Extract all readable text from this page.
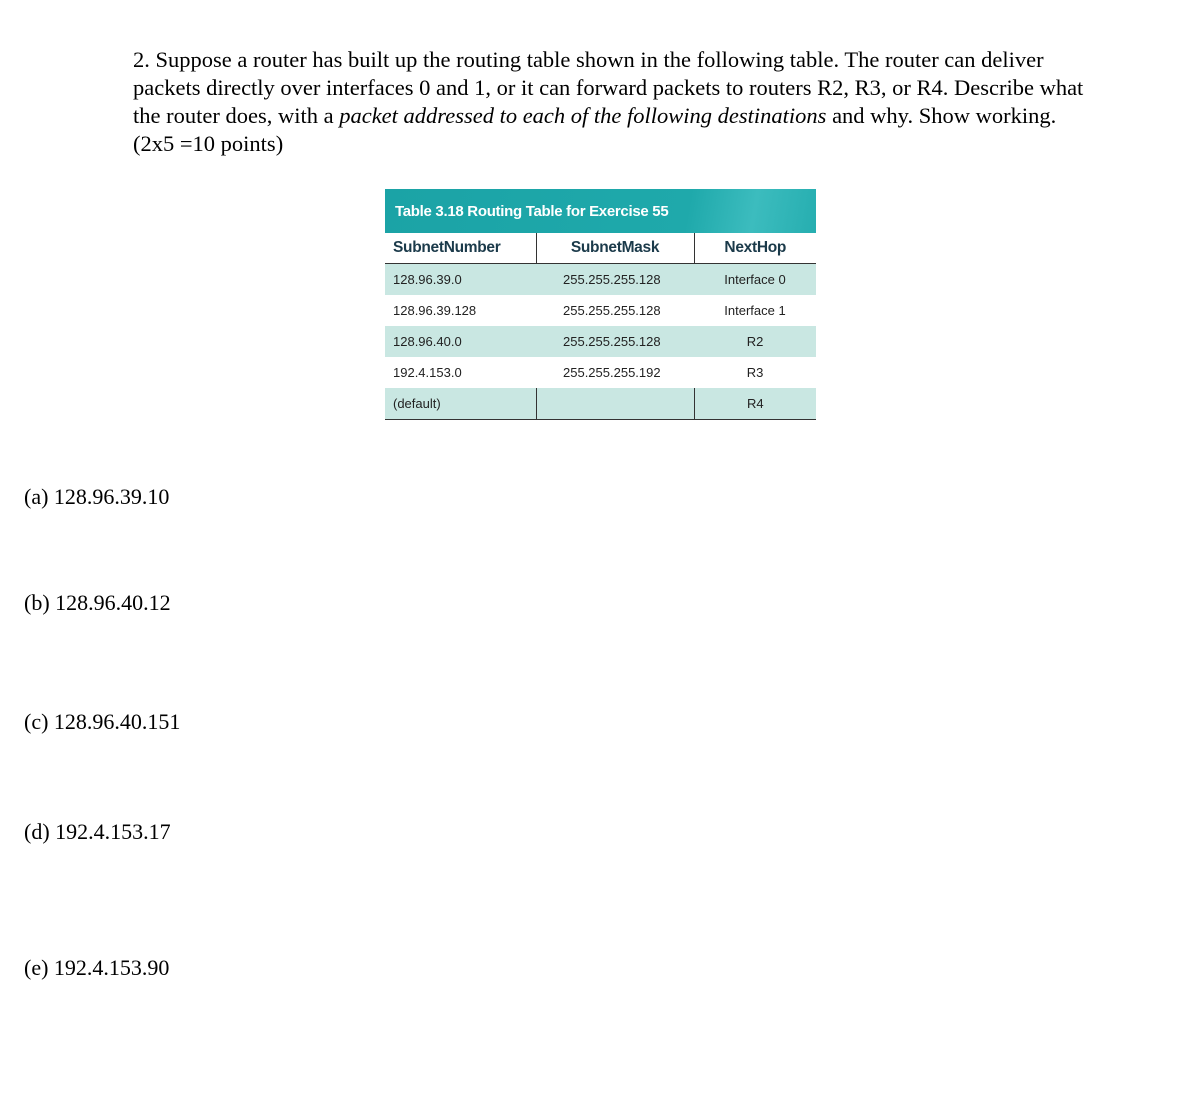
2. Suppose a router has built up the routing table shown in the following table. The router can deliver
packets directly over interfaces 0 and 1, or it can forward packets to routers R2, R3, or R4. Describe what
the router does, with a packet addressed to each of the following destinations and why. Show working.
(2x5 =10 points)
Table 3.18 Routing Table for Exercise 55
SubnetNumber	SubnetMask	NextHop
128.96.39.0	255.255.255.128	Interface 0
128.96.39.128	255.255.255.128	Interface 1
128.96.40.0	255.255.255.128	R2
192.4.153.0	255.255.255.192	R3
(default)		R4
(a) 128.96.39.10
(b) 128.96.40.12
(c) 128.96.40.151
(d) 192.4.153.17
(e) 192.4.153.90
